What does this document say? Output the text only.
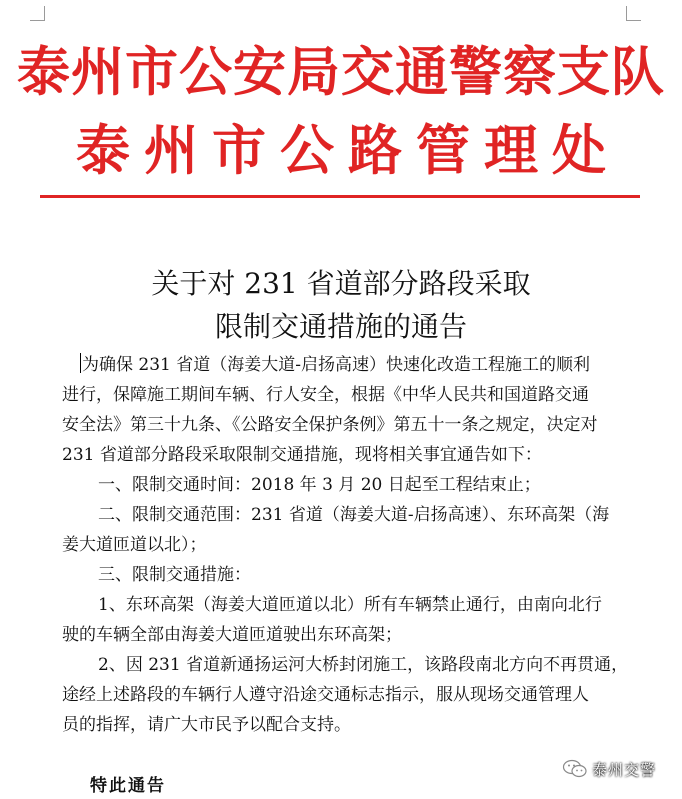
泰州市公安局交通警察支队
泰州市公路管理处
关于对 231 省道部分路段采取
限制交通措施的通告

为确保 231 省道（海姜大道-启扬高速）快速化改造工程施工的顺利

进行，保障施工期间车辆、行人安全，根据《中华人民共和国道路交通

安全法》第三十九条、《公路安全保护条例》第五十一条之规定，决定对

231 省道部分路段采取限制交通措施，现将相关事宜通告如下：

一、限制交通时间：2018 年 3 月 20 日起至工程结束止；

二、限制交通范围：231 省道（海姜大道-启扬高速）、东环高架（海

姜大道匝道以北）；

三、限制交通措施：

1、东环高架（海姜大道匝道以北）所有车辆禁止通行，由南向北行

驶的车辆全部由海姜大道匝道驶出东环高架；

2、因 231 省道新通扬运河大桥封闭施工，该路段南北方向不再贯通，

途经上述路段的车辆行人遵守沿途交通标志指示，服从现场交通管理人

员的指挥，请广大市民予以配合支持。

特此通告
泰州交警
